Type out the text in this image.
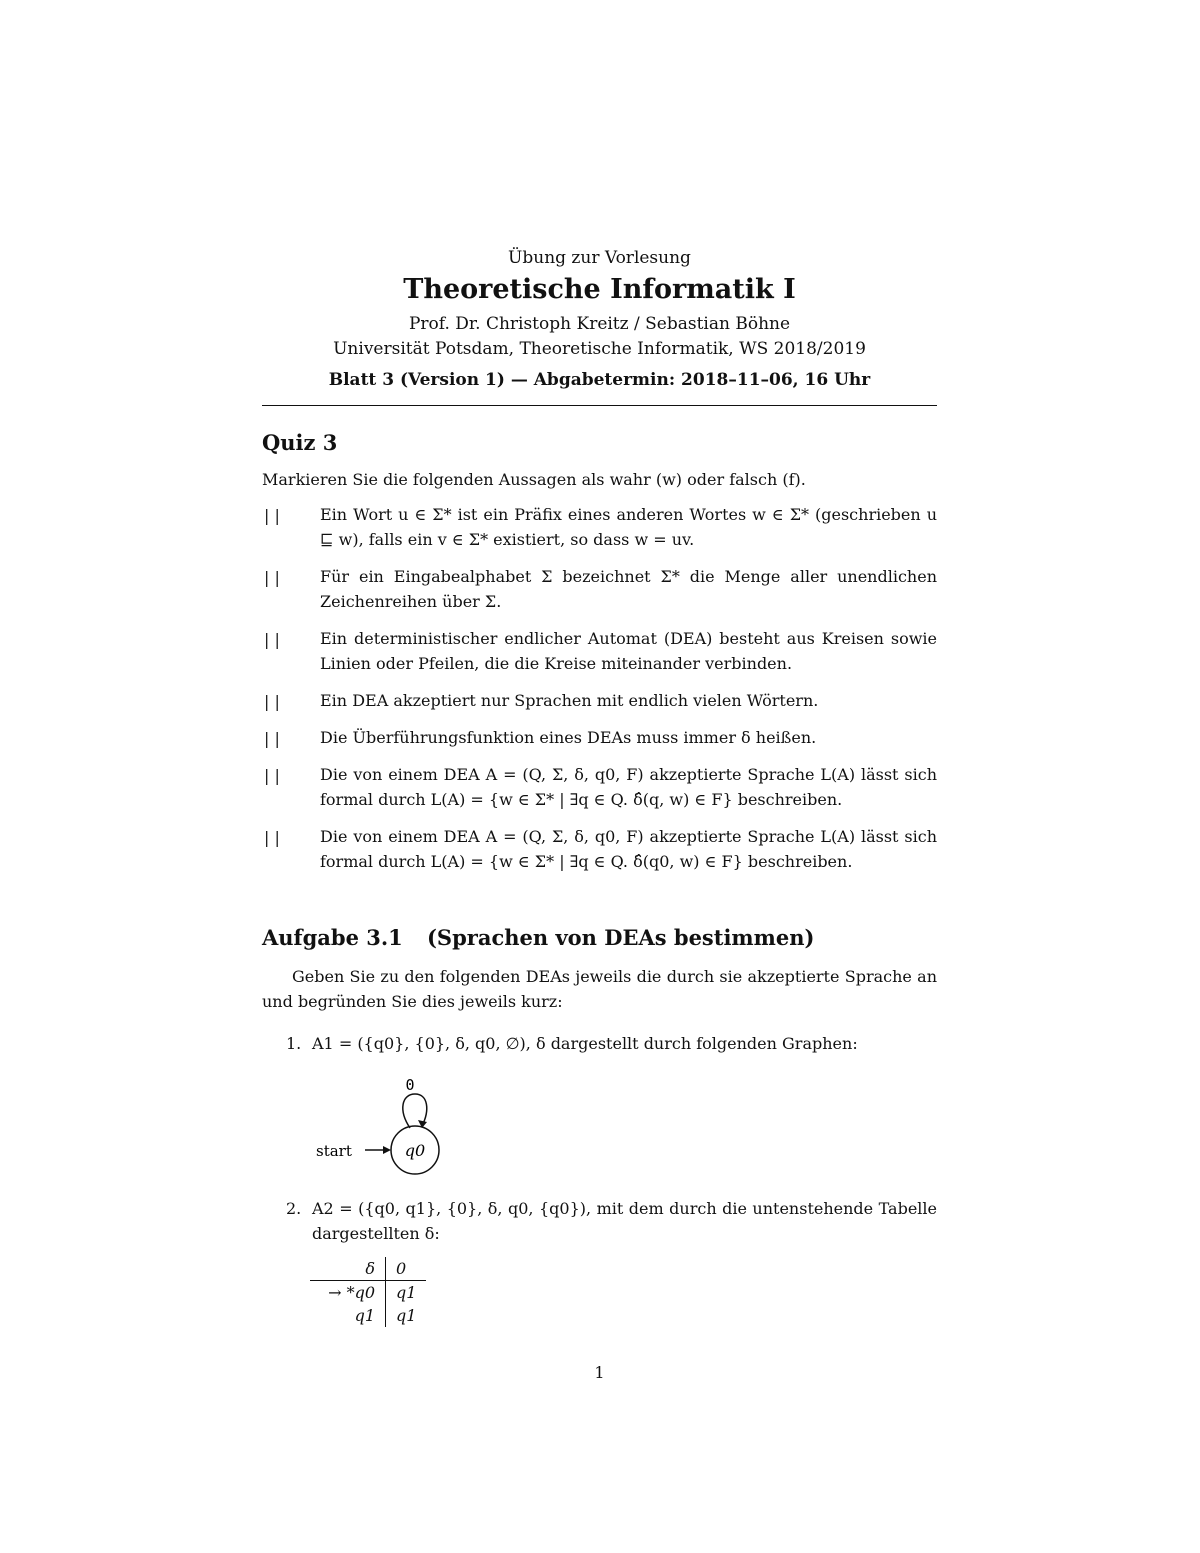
Übung zur Vorlesung
Theoretische Informatik I
Prof. Dr. Christoph Kreitz / Sebastian Böhne
Universität Potsdam, Theoretische Informatik, WS 2018/2019
Blatt 3 (Version 1) — Abgabetermin: 2018–11–06, 16 Uhr
Quiz 3
Markieren Sie die folgenden Aussagen als wahr (w) oder falsch (f).
| |	Ein Wort u ∈ Σ* ist ein Präfix eines anderen Wortes w ∈ Σ* (geschrieben u ⊑ w), falls ein v ∈ Σ* existiert, so dass w = uv.
| |	Für ein Eingabealphabet Σ bezeichnet Σ* die Menge aller unendlichen Zeichenreihen über Σ.
| |	Ein deterministischer endlicher Automat (DEA) besteht aus Kreisen sowie Linien oder Pfeilen, die die Kreise miteinander verbinden.
| |	Ein DEA akzeptiert nur Sprachen mit endlich vielen Wörtern.
| |	Die Überführungsfunktion eines DEAs muss immer δ heißen.
| |	Die von einem DEA A = (Q, Σ, δ, q0, F) akzeptierte Sprache L(A) lässt sich formal durch L(A) = {w ∈ Σ* | ∃q ∈ Q. δ̂(q, w) ∈ F} beschreiben.
| |	Die von einem DEA A = (Q, Σ, δ, q0, F) akzeptierte Sprache L(A) lässt sich formal durch L(A) = {w ∈ Σ* | ∃q ∈ Q. δ̂(q0, w) ∈ F} beschreiben.
Aufgabe 3.1 (Sprachen von DEAs bestimmen)
Geben Sie zu den folgenden DEAs jeweils die durch sie akzeptierte Sprache an und begründen Sie dies jeweils kurz:
1. A1 = ({q0}, {0}, δ, q0, ∅), δ dargestellt durch folgenden Graphen:
0
q0
start
2. A2 = ({q0, q1}, {0}, δ, q0, {q0}), mit dem durch die untenstehende Tabelle dargestellten δ:
δ	0
→ *q0	q1
q1	q1
1
